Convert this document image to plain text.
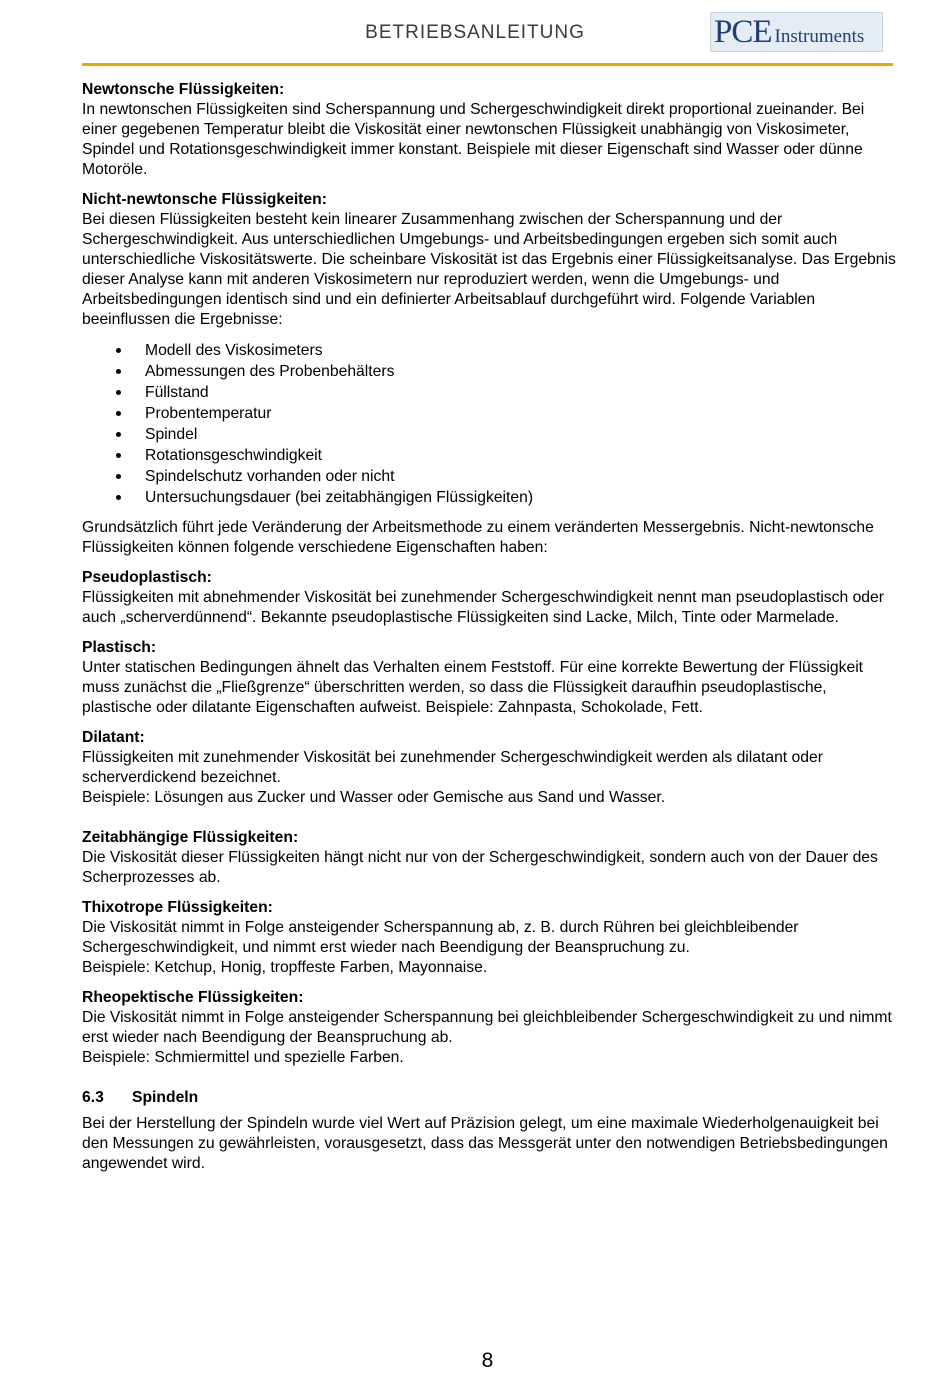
BETRIEBSANLEITUNG	PCE Instruments

Newtonsche Flüssigkeiten:

In newtonschen Flüssigkeiten sind Scherspannung und Schergeschwindigkeit direkt proportional zueinander. Bei einer gegebenen Temperatur bleibt die Viskosität einer newtonschen Flüssigkeit unabhängig von Viskosimeter, Spindel und Rotationsgeschwindigkeit immer konstant. Beispiele mit dieser Eigenschaft sind Wasser oder dünne Motoröle.

Nicht-newtonsche Flüssigkeiten:

Bei diesen Flüssigkeiten besteht kein linearer Zusammenhang zwischen der Scherspannung und der Schergeschwindigkeit. Aus unterschiedlichen Umgebungs- und Arbeitsbedingungen ergeben sich somit auch unterschiedliche Viskositätswerte. Die scheinbare Viskosität ist das Ergebnis einer Flüssigkeitsanalyse. Das Ergebnis dieser Analyse kann mit anderen Viskosimetern nur reproduziert werden, wenn die Umgebungs- und Arbeitsbedingungen identisch sind und ein definierter Arbeitsablauf durchgeführt wird. Folgende Variablen beeinflussen die Ergebnisse:

Modell des Viskosimeters
Abmessungen des Probenbehälters
Füllstand
Probentemperatur
Spindel
Rotationsgeschwindigkeit
Spindelschutz vorhanden oder nicht
Untersuchungsdauer (bei zeitabhängigen Flüssigkeiten)

Grundsätzlich führt jede Veränderung der Arbeitsmethode zu einem veränderten Messergebnis. Nicht-newtonsche Flüssigkeiten können folgende verschiedene Eigenschaften haben:

Pseudoplastisch:

Flüssigkeiten mit abnehmender Viskosität bei zunehmender Schergeschwindigkeit nennt man pseudoplastisch oder auch „scherverdünnend“. Bekannte pseudoplastische Flüssigkeiten sind Lacke, Milch, Tinte oder Marmelade.

Plastisch:

Unter statischen Bedingungen ähnelt das Verhalten einem Feststoff. Für eine korrekte Bewertung der Flüssigkeit muss zunächst die „Fließgrenze“ überschritten werden, so dass die Flüssigkeit daraufhin pseudoplastische, plastische oder dilatante Eigenschaften aufweist. Beispiele: Zahnpasta, Schokolade, Fett.

Dilatant:

Flüssigkeiten mit zunehmender Viskosität bei zunehmender Schergeschwindigkeit werden als dilatant oder scherverdickend bezeichnet.

Beispiele: Lösungen aus Zucker und Wasser oder Gemische aus Sand und Wasser.

Zeitabhängige Flüssigkeiten:

Die Viskosität dieser Flüssigkeiten hängt nicht nur von der Schergeschwindigkeit, sondern auch von der Dauer des Scherprozesses ab.

Thixotrope Flüssigkeiten:

Die Viskosität nimmt in Folge ansteigender Scherspannung ab, z. B. durch Rühren bei gleichbleibender Schergeschwindigkeit, und nimmt erst wieder nach Beendigung der Beanspruchung zu.

Beispiele: Ketchup, Honig, tropffeste Farben, Mayonnaise.

Rheopektische Flüssigkeiten:

Die Viskosität nimmt in Folge ansteigender Scherspannung bei gleichbleibender Schergeschwindigkeit zu und nimmt erst wieder nach Beendigung der Beanspruchung ab.

Beispiele: Schmiermittel und spezielle Farben.

6.3 Spindeln

Bei der Herstellung der Spindeln wurde viel Wert auf Präzision gelegt, um eine maximale Wiederholgenauigkeit bei den Messungen zu gewährleisten, vorausgesetzt, dass das Messgerät unter den notwendigen Betriebsbedingungen angewendet wird.

8
